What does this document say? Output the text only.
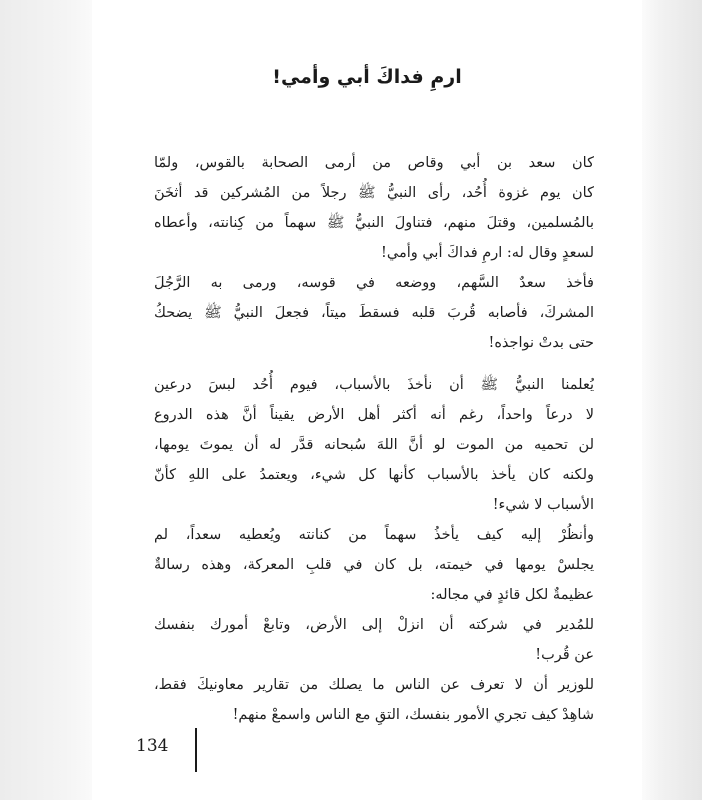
ارمِ فداكَ أبي وأمي!
كان سعد بن أبي وقاص من أرمى الصحابة بالقوس، ولمّا
كان يوم غزوة أُحُد، رأى النبيُّ ﷺ رجلاً من المُشركين قد أثخَنَ
بالمُسلمين، وقتلَ منهم، فتناولَ النبيُّ ﷺ سهماً من كِنانته، وأعطاه
لسعدٍ وقال له: ارمِ فداكَ أبي وأمي!
فأخذ سعدٌ السَّهم، ووضعه في قوسه، ورمى به الرَّجُلَ
المشركَ، فأصابه قُربَ قلبه فسقطَ ميتاً، فجعلَ النبيُّ ﷺ يضحكُ
حتى بدتْ نواجذه!
يُعلمنا النبيُّ ﷺ أن نأخذَ بالأسباب، فيوم أُحُد لبسَ درعين
لا درعاً واحداً، رغم أنه أكثر أهل الأرض يقيناً أنَّ هذه الدروع
لن تحميه من الموت لو أنَّ اللهَ سُبحانه قدَّر له أن يموتَ يومها،
ولكنه كان يأخذ بالأسباب كأنها كل شيء، ويعتمدُ على اللهِ كأنّ
الأسباب لا شيء!
وأنظُرْ إليه كيف يأخذُ سهماً من كنانته ويُعطيه سعداً، لم
يجلسْ يومها في خيمته، بل كان في قلبِ المعركة، وهذه رسالةٌ
عظيمةٌ لكل قائدٍ في مجاله:
للمُدير في شركته أن انزلْ إلى الأرض، وتابعْ أمورك بنفسك
عن قُرب!
للوزير أن لا تعرف عن الناس ما يصلك من تقارير معاونيكَ فقط،
شاهِدْ كيف تجري الأمور بنفسك، التقِ مع الناس واسمعْ منهم!
134
